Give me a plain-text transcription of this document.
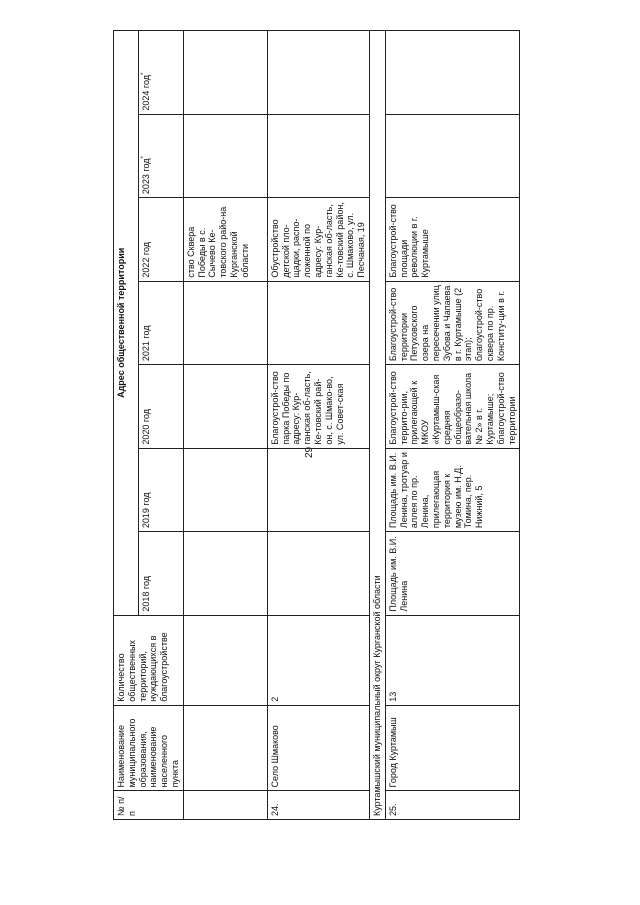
29
№ п/п	Наименование муниципального образования, наименование населенного пункта	Количество общественных территорий, нуждающихся в благоустройстве	Адрес общественной территории						
			2018 год	2019 год	2020 год	2021 год	2022 год	2023 год*	2024 год*
							ство Сквера Победы в с. Сычево Ке-товского райо-на Курганской области		
24.	Село Шмаково	2			Благоустрой-ство парка Победы по адресу: Кур-ганская об-ласть, Ке-товский рай-он, с. Шмако-во, ул. Совет-ская		Обустройство детской пло-щадки, распо-ложенной по адресу: Кур-ганская об-ласть, Ке-товский район, с. Шмаково, ул. Песчаная, 19		
Куртамышский муниципальный округ Курганской области									
25.	Город Куртамыш	13	Площадь им. В.И. Ленина	Площадь им. В.И. Ленина, тротуар и аллея по пр. Ленина, прилегающая территория к музею им. Н.Д. Томина, пер. Нижний, 5	Благоустрой-ство террито-рии, прилегающей к МКОУ «Куртамыш-ская средняя общеобразо-вательная школа № 2» в г. Куртамыше; благоустрой-ство территории	Благоустрой-ство территории Петуховского озера на пересечении улиц Зубова и Чапаева в г. Куртамыше (2 этап); благоустрой-ство сквера по пр. Конститу-ции в г.	Благоустрой-ство площади революции в г. Куртамыше		
